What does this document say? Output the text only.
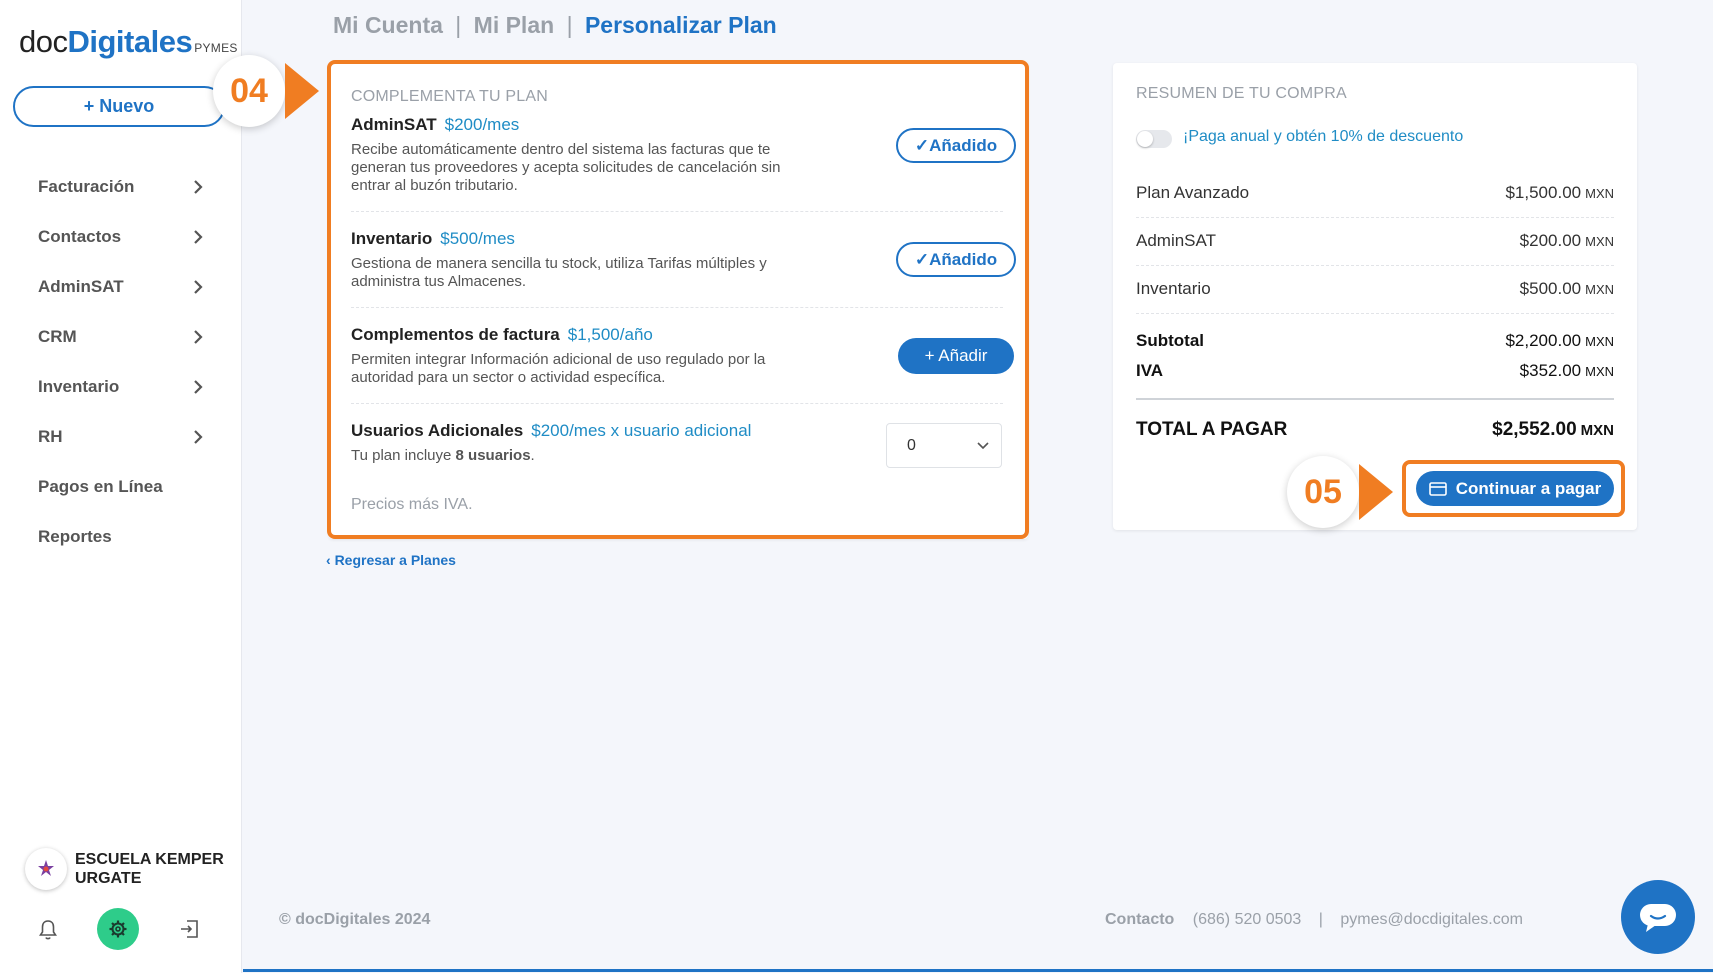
docDigitales PYMES
+ Nuevo
Facturación
Contactos
AdminSAT
CRM
Inventario
RH
Pagos en Línea
Reportes
ESCUELA KEMPER
URGATE
Mi Cuenta | Mi Plan | Personalizar Plan
COMPLEMENTA TU PLAN
AdminSAT $200/mes
Recibe automáticamente dentro del sistema las facturas que te generan tus proveedores y acepta solicitudes de cancelación sin entrar al buzón tributario.
✓Añadido
Inventario $500/mes
Gestiona de manera sencilla tu stock, utiliza Tarifas múltiples y administra tus Almacenes.
✓Añadido
Complementos de factura $1,500/año
Permiten integrar Información adicional de uso regulado por la autoridad para un sector o actividad específica.
+ Añadir
Usuarios Adicionales $200/mes x usuario adicional
Tu plan incluye 8 usuarios.
0
Precios más IVA.
‹ Regresar a Planes
RESUMEN DE TU COMPRA
¡Paga anual y obtén 10% de descuento
Plan Avanzado	$1,500.00 MXN
AdminSAT	$200.00 MXN
Inventario	$500.00 MXN
Subtotal	$2,200.00 MXN
IVA	$352.00 MXN
TOTAL A PAGAR	$2,552.00 MXN
Continuar a pagar
04
05
© docDigitales 2024	Contacto (686) 520 0503 | pymes@docdigitales.com
